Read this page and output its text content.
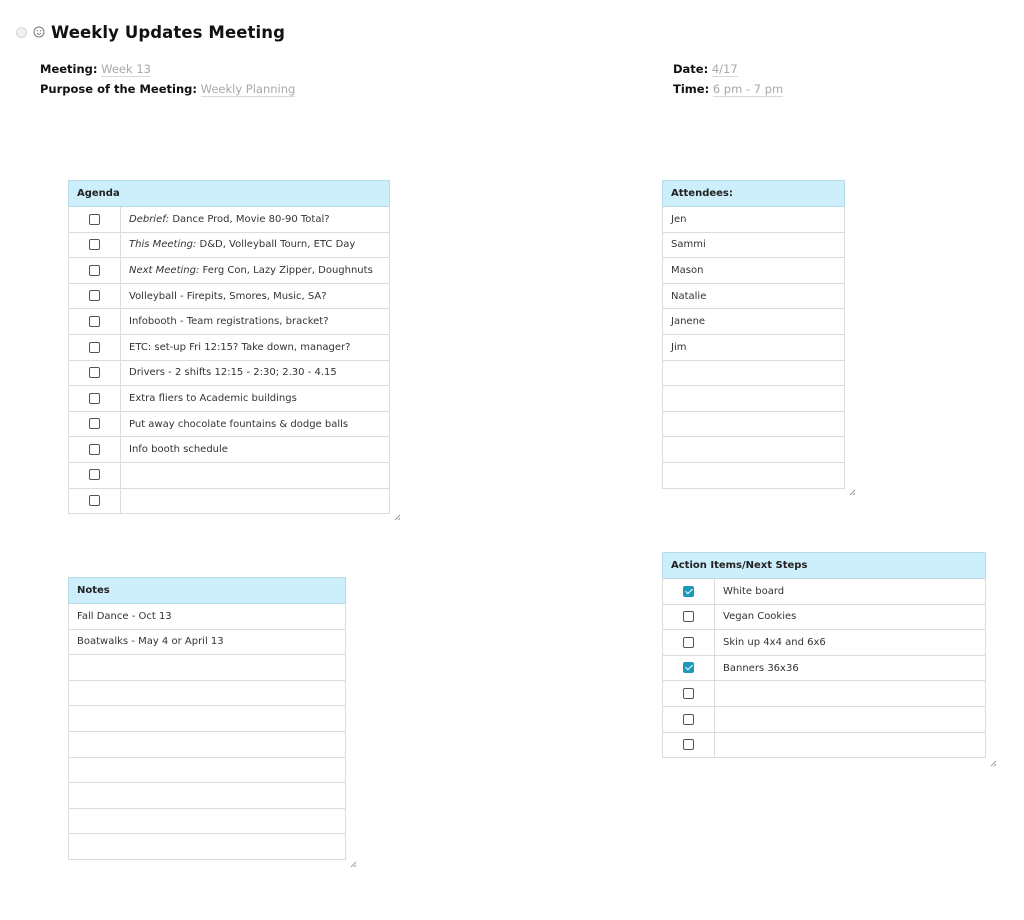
Weekly Updates Meeting
Meeting: Week 13
Purpose of the Meeting: Weekly Planning
Date: 4/17
Time: 6 pm - 7 pm
Agenda	
	Debrief: Dance Prod, Movie 80-90 Total?
	This Meeting: D&D, Volleyball Tourn, ETC Day
	Next Meeting: Ferg Con, Lazy Zipper, Doughnuts
	Volleyball - Firepits, Smores, Music, SA?
	Infobooth - Team registrations, bracket?
	ETC: set-up Fri 12:15? Take down, manager?
	Drivers - 2 shifts 12:15 - 2:30; 2.30 - 4.15
	Extra fliers to Academic buildings
	Put away chocolate fountains & dodge balls
	Info booth schedule

Attendees:
Jen
Sammi
Mason
Natalie
Janene
Jim

Notes
Fall Dance - Oct 13
Boatwalks - May 4 or April 13

Action Items/Next Steps	
	White board
	Vegan Cookies
	Skin up 4x4 and 6x6
	Banners 36x36
